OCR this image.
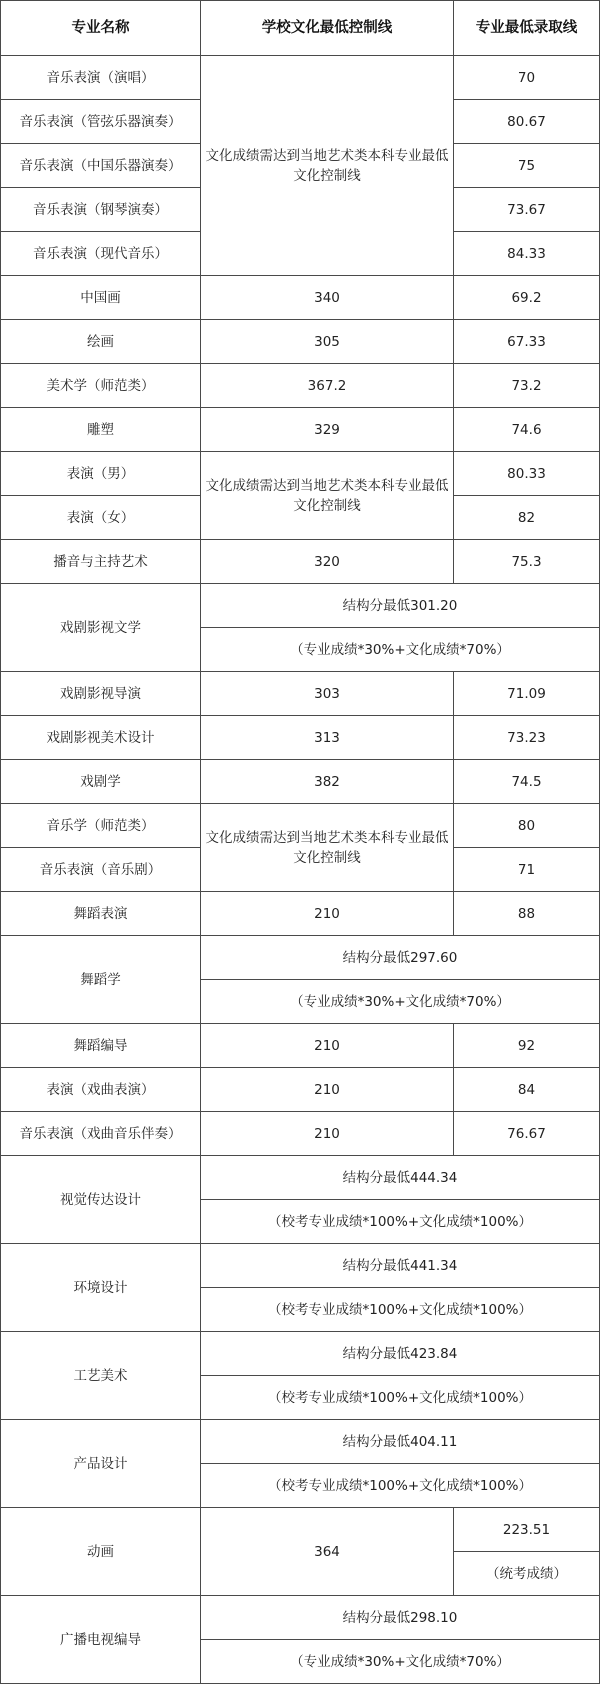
专业名称	学校文化最低控制线	专业最低录取线
音乐表演（演唱）	文化成绩需达到当地艺术类本科专业最低文化控制线	70
音乐表演（管弦乐器演奏）		80.67
音乐表演（中国乐器演奏）		75
音乐表演（钢琴演奏）		73.67
音乐表演（现代音乐）		84.33
中国画	340	69.2
绘画	305	67.33
美术学（师范类）	367.2	73.2
雕塑	329	74.6
表演（男）	文化成绩需达到当地艺术类本科专业最低文化控制线	80.33
表演（女）		82
播音与主持艺术	320	75.3
戏剧影视文学	结构分最低301.20	
	（专业成绩*30%+文化成绩*70%）	
戏剧影视导演	303	71.09
戏剧影视美术设计	313	73.23
戏剧学	382	74.5
音乐学（师范类）	文化成绩需达到当地艺术类本科专业最低文化控制线	80
音乐表演（音乐剧）		71
舞蹈表演	210	88
舞蹈学	结构分最低297.60	
	（专业成绩*30%+文化成绩*70%）	
舞蹈编导	210	92
表演（戏曲表演）	210	84
音乐表演（戏曲音乐伴奏）	210	76.67
视觉传达设计	结构分最低444.34	
	（校考专业成绩*100%+文化成绩*100%）	
环境设计	结构分最低441.34	
	（校考专业成绩*100%+文化成绩*100%）	
工艺美术	结构分最低423.84	
	（校考专业成绩*100%+文化成绩*100%）	
产品设计	结构分最低404.11	
	（校考专业成绩*100%+文化成绩*100%）	
动画	364	223.51
		（统考成绩）
广播电视编导	结构分最低298.10	
	（专业成绩*30%+文化成绩*70%）	
